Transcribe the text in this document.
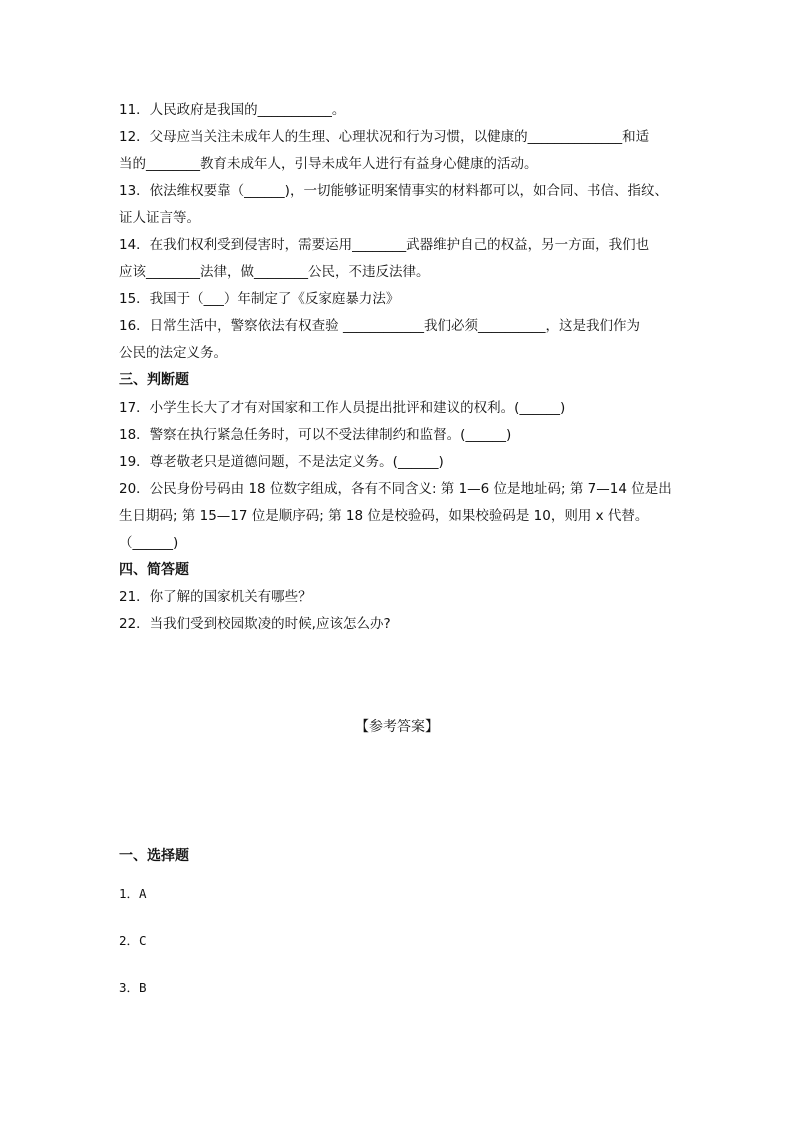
11．人民政府是我国的___________。
12．父母应当关注未成年人的生理、心理状况和行为习惯，以健康的______________和适
当的________教育未成年人，引导未成年人进行有益身心健康的活动。
13．依法维权要靠（______)，一切能够证明案情事实的材料都可以，如合同、书信、指纹、
证人证言等。
14．在我们权利受到侵害时，需要运用________武器维护自己的权益，另一方面，我们也
应该________法律，做________公民，不违反法律。
15．我国于（___）年制定了《反家庭暴力法》
16．日常生活中，警察依法有权查验 ____________我们必须__________，这是我们作为
公民的法定义务。
三、判断题
17．小学生长大了才有对国家和工作人员提出批评和建议的权利。(______)
18．警察在执行紧急任务时，可以不受法律制约和监督。(______)
19．尊老敬老只是道德问题，不是法定义务。(______)
20．公民身份号码由 18 位数字组成，各有不同含义: 第 1—6 位是地址码; 第 7—14 位是出
生日期码; 第 15—17 位是顺序码; 第 18 位是校验码，如果校验码是 10，则用 x 代替。
（______)
四、简答题
21．你了解的国家机关有哪些？
22．当我们受到校园欺凌的时候,应该怎么办?
【参考答案】
一、选择题
1．A
2．C
3．B
